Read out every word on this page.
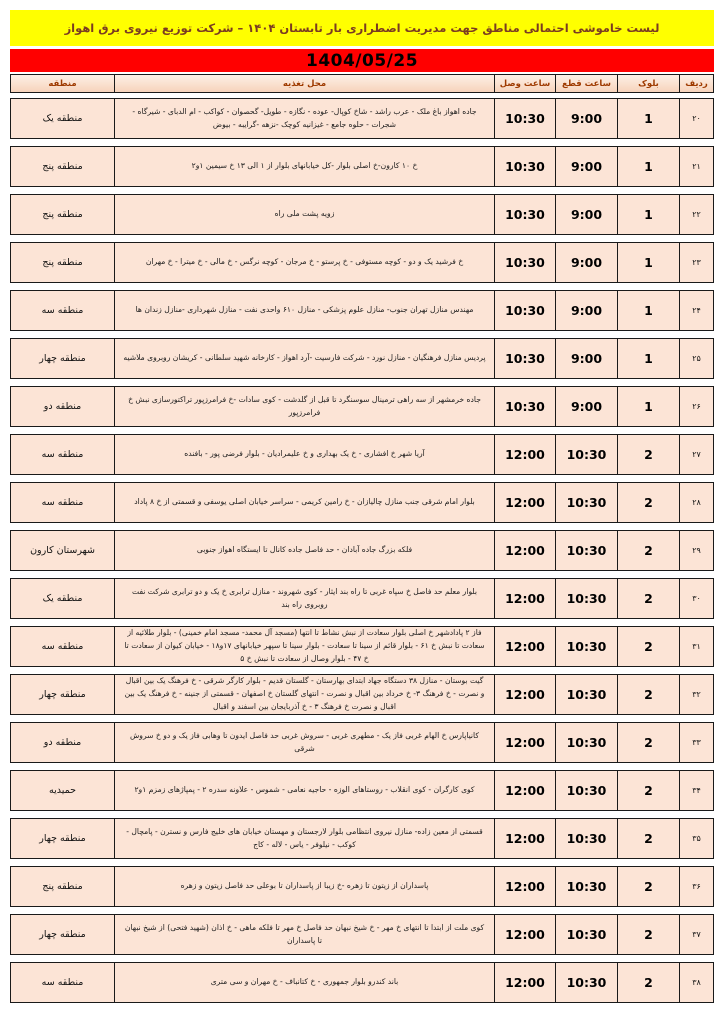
لیست خاموشی احتمالی مناطق جهت مدیریت اضطراری بار تابستان ۱۴۰۴ – شرکت توزیع نیروی برق اهواز
1404/05/25
ردیف
بلوک
ساعت قطع
ساعت وصل
محل تغذیه
منطقه
۲۰
1
9:00
10:30
جاده اهواز باغ ملک - عرب راشد - شاخ کوپال- عوده - نگازه - طویل- گحصوان - کواکب - ام الدبای - شیرگاه - شجرات - حلوه جامع - غیزانیه کوچک -نزهه -گرایبه - بیوض
منطقه یک
۲۱
1
9:00
10:30
خ ۱۰ کارون-خ اصلی بلوار -کل خیابانهای بلوار از ۱ الی ۱۳ خ سیمین ۱و۲
منطقه پنج
۲۲
1
9:00
10:30
زویه پشت ملی راه
منطقه پنج
۲۳
1
9:00
10:30
خ فرشید یک و دو - کوچه مستوفی - خ پرستو - خ مرجان - کوچه نرگس - خ مالی - خ میترا - خ مهران
منطقه پنج
۲۴
1
9:00
10:30
مهندس منازل تهران جنوب- منازل علوم پزشکی - منازل ۶۱۰ واحدی نفت - منازل شهرداری -منازل زندان ها
منطقه سه
۲۵
1
9:00
10:30
پردیس منازل فرهنگیان - منازل نورد - شرکت فارسیت -آرد اهواز - کارخانه شهید سلطانی - کریشان روبروی ملاشیه
منطقه چهار
۲۶
1
9:00
10:30
جاده خرمشهر از سه راهی ترمینال سوسنگرد تا قبل از گلدشت - کوی سادات -خ فرامرزپور تراکتورسازی نبش خ فرامرزپور
منطقه دو
۲۷
2
10:30
12:00
آریا شهر خ افشاری - خ یک بهداری و خ علیمرادیان - بلوار فرضی پور - بافنده
منطقه سه
۲۸
2
10:30
12:00
بلوار امام شرقی جنب منازل چالیازان - خ رامین کریمی - سراسر خیابان اصلی یوسفی و قسمتی از خ ۸ پاداد
منطقه سه
۲۹
2
10:30
12:00
فلکه بزرگ جاده آبادان - حد فاصل جاده کانال تا ایستگاه اهواز جنوبی
شهرستان کارون
۳۰
2
10:30
12:00
بلوار معلم حد فاصل خ سپاه غربی تا راه بند ایثار - کوی شهروند - منازل ترابری خ یک و دو ترابری شرکت نفت روبروی راه بند
منطقه یک
۳۱
2
10:30
12:00
فاز ۲ پادادشهر خ اصلی بلوار سعادت از نبش نشاط تا انتها (مسجد آل محمد- مسجد امام خمینی) - بلوار طلائیه از سعادت تا نبش خ ۶۱ - بلوار قائم از سینا تا سعادت - بلوار سینا تا سپهر خیابانهای ۱۷و۱۸ - خیابان کیوان از سعادت تا خ ۴۷ - بلوار وصال از سعادت تا نبش خ ۵
منطقه سه
۳۲
2
10:30
12:00
گیت بوستان - منازل ۳۸ دستگاه جهاد ابتدای بهارستان - گلستان قدیم - بلوار کارگر شرقی - خ فرهنگ یک بین اقبال و نصرت - خ فرهنگ ۳- خ خرداد بین اقبال و نصرت - انتهای گلستان خ اصفهان - قسمتی از جنینه - خ فرهنگ یک بین اقبال و نصرت خ فرهنگ ۳ - خ آذربایجان بین اسفند و اقبال
منطقه چهار
۳۳
2
10:30
12:00
کانیاپارس خ الهام غربی فاز یک - مطهری غربی - سروش غربی حد فاصل ایدون تا وهابی فاز یک و دو خ سروش شرقی
منطقه دو
۳۴
2
10:30
12:00
کوی کارگران - کوی انقلاب - روستاهای الوزه - حاجیه نعامی - شموس - علاونه سدره ۲ - پمپاژهای زمزم ۱و۲
حمیدیه
۳۵
2
10:30
12:00
قسمتی از معین زاده- منازل نیروی انتظامی بلوار لارجستان و مهستان خیابان های خلیج فارس و نسترن - پامچال - کوکب - نیلوفر - یاس - لاله - کاج
منطقه چهار
۳۶
2
10:30
12:00
پاسداران از زیتون تا زهره -خ زیبا از پاسداران تا بوعلی حد فاصل زیتون و زهره
منطقه پنج
۳۷
2
10:30
12:00
کوی ملت از ابتدا تا انتهای خ مهر - خ شیخ نبهان حد فاصل خ مهر تا فلکه ماهی - خ اذان (شهید فتحی) از شیخ نبهان تا پاسداران
منطقه چهار
۳۸
2
10:30
12:00
باند کندرو بلوار جمهوری - خ کتانباف - خ مهران و سی متری
منطقه سه
